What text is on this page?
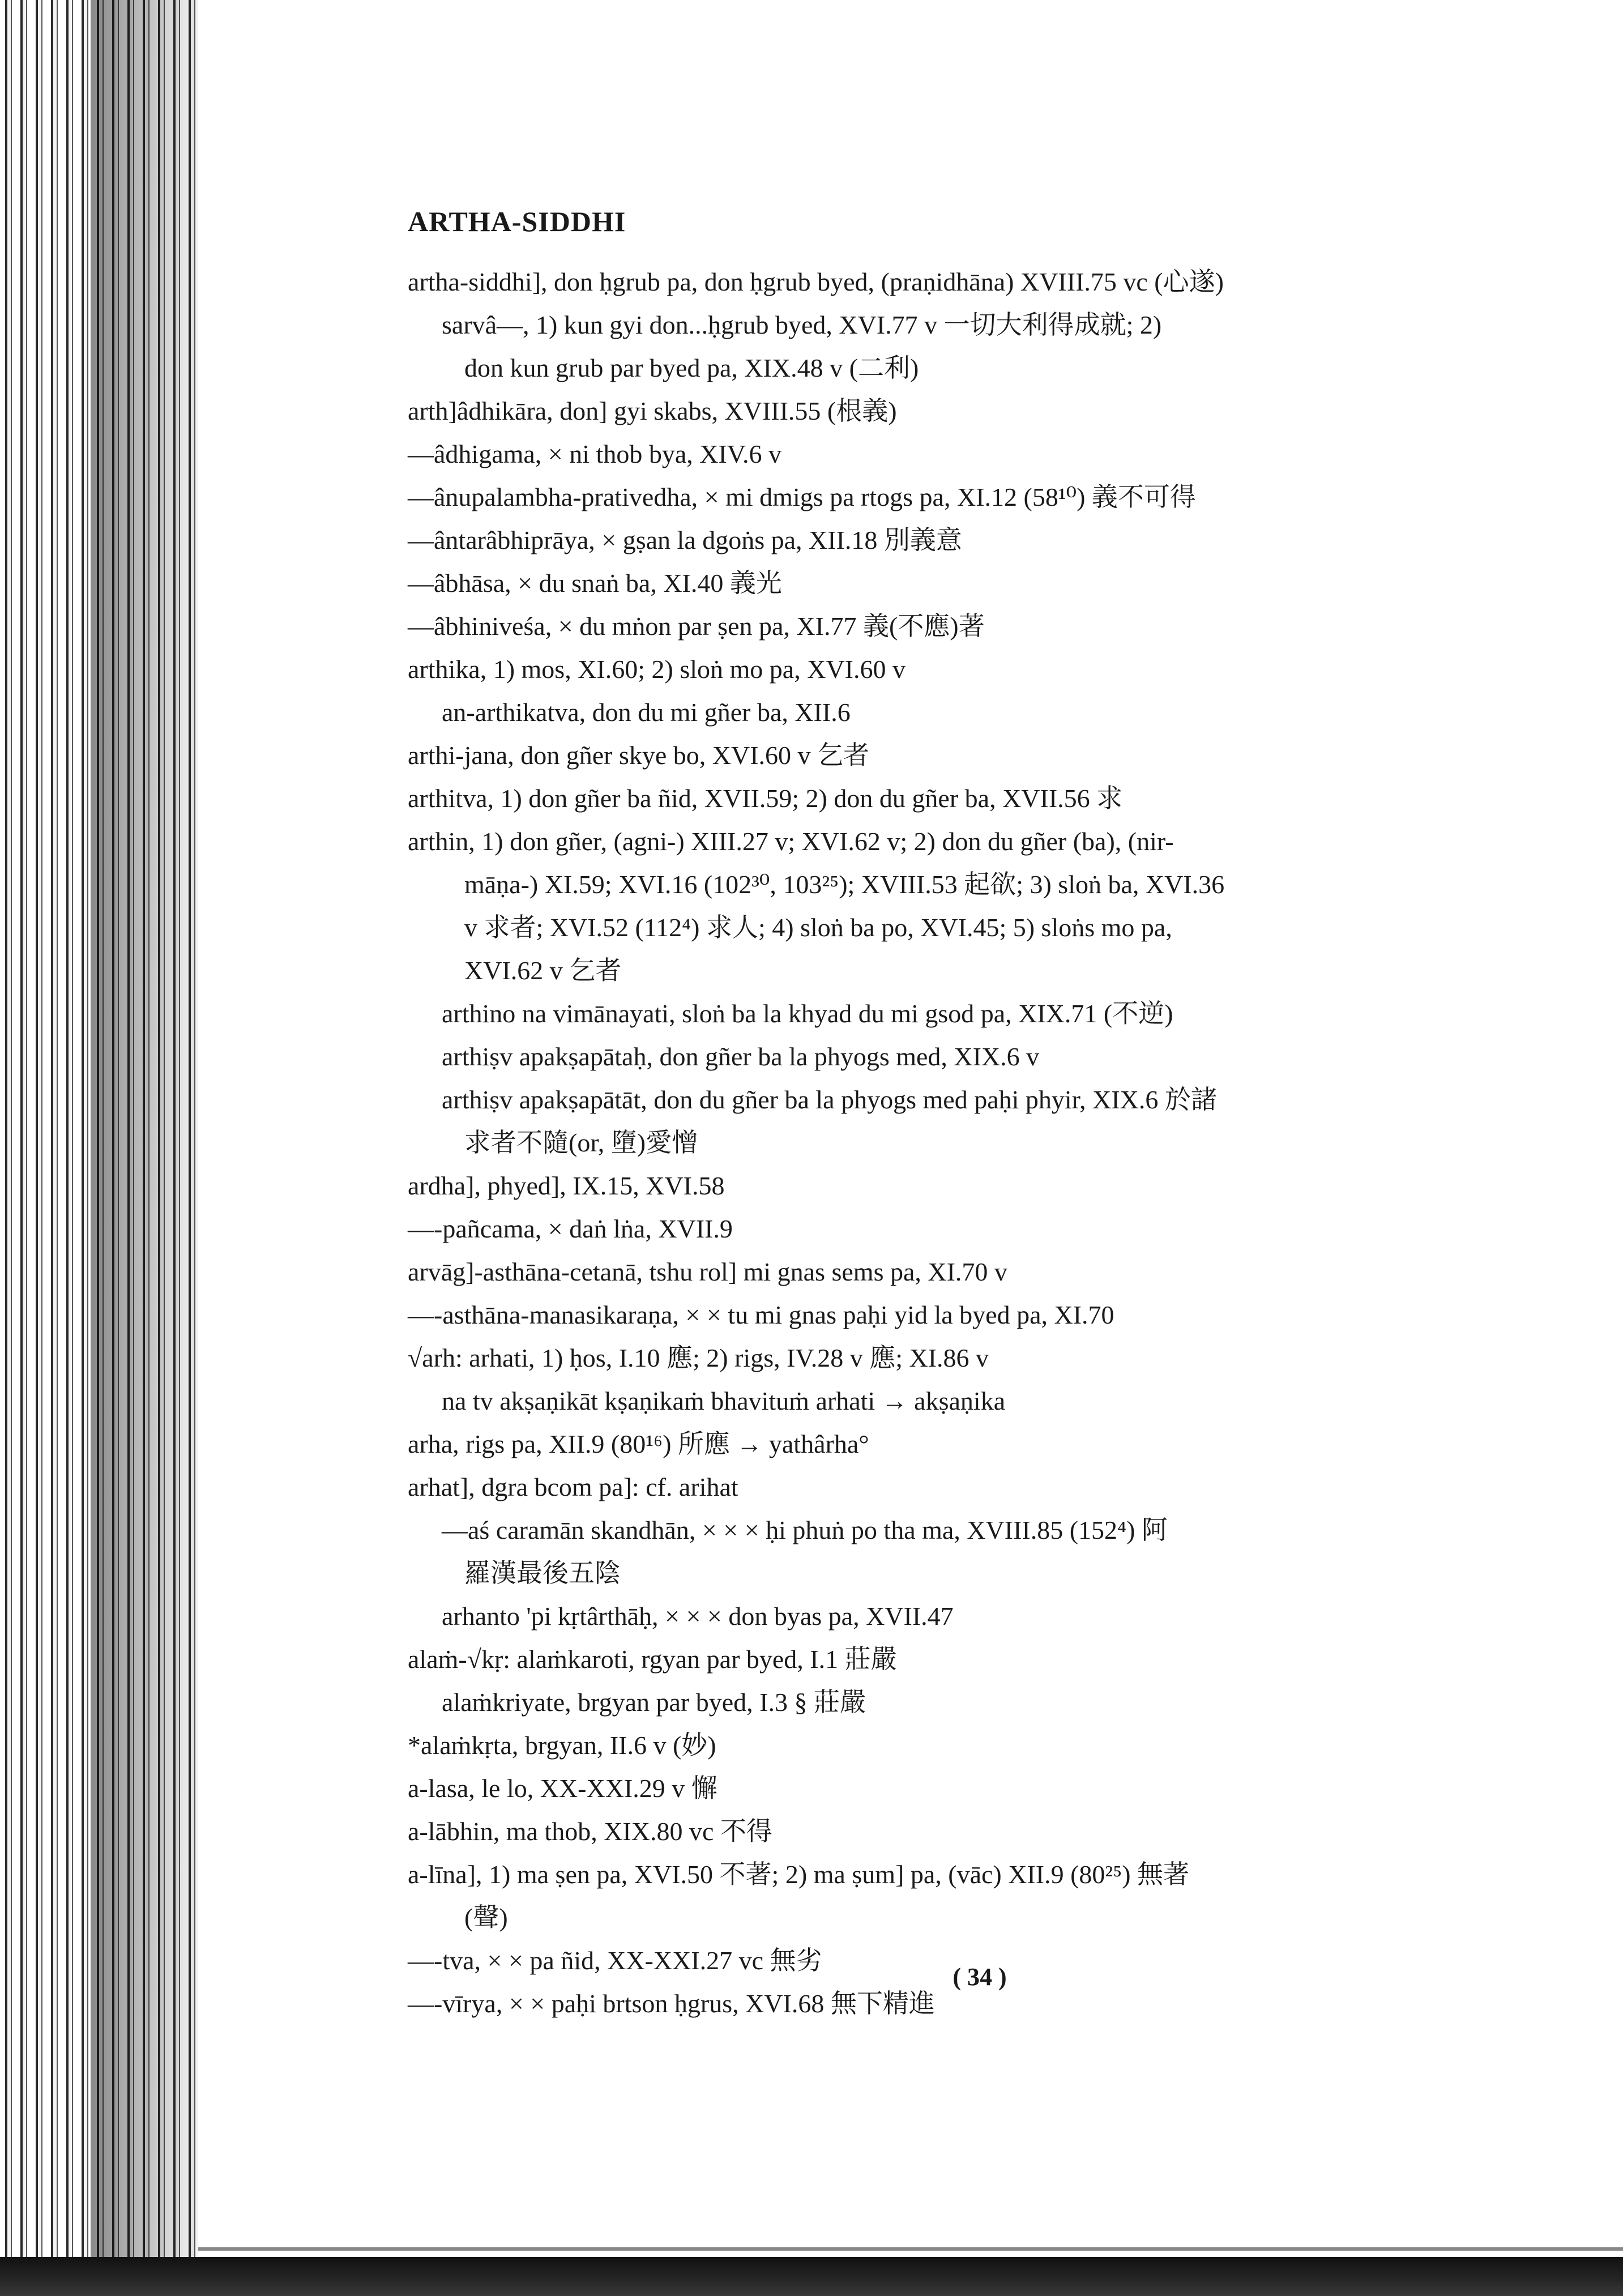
ARTHA-SIDDHI
artha-siddhi], don ḥgrub pa, don ḥgrub byed, (praṇidhāna) XVIII.75 vc (心遂)
sarvâ—, 1) kun gyi don...ḥgrub byed, XVI.77 v 一切大利得成就; 2)
don kun grub par byed pa, XIX.48 v (二利)
arth]âdhikāra, don] gyi skabs, XVIII.55 (根義)
—âdhigama, × ni thob bya, XIV.6 v
—ânupalambha-prativedha, × mi dmigs pa rtogs pa, XI.12 (58¹⁰) 義不可得
—ântarâbhiprāya, × gṣan la dgoṅs pa, XII.18 別義意
—âbhāsa, × du snaṅ ba, XI.40 義光
—âbhiniveśa, × du mṅon par ṣen pa, XI.77 義(不應)著
arthika, 1) mos, XI.60; 2) sloṅ mo pa, XVI.60 v
an-arthikatva, don du mi gñer ba, XII.6
arthi-jana, don gñer skye bo, XVI.60 v 乞者
arthitva, 1) don gñer ba ñid, XVII.59; 2) don du gñer ba, XVII.56 求
arthin, 1) don gñer, (agni-) XIII.27 v; XVI.62 v; 2) don du gñer (ba), (nir-
māṇa-) XI.59; XVI.16 (102³⁰, 103²⁵); XVIII.53 起欲; 3) sloṅ ba, XVI.36
v 求者; XVI.52 (112⁴) 求人; 4) sloṅ ba po, XVI.45; 5) sloṅs mo pa,
XVI.62 v 乞者
arthino na vimānayati, sloṅ ba la khyad du mi gsod pa, XIX.71 (不逆)
arthiṣv apakṣapātaḥ, don gñer ba la phyogs med, XIX.6 v
arthiṣv apakṣapātāt, don du gñer ba la phyogs med paḥi phyir, XIX.6 於諸
求者不隨(or, 墮)愛憎
ardha], phyed], IX.15, XVI.58
—-pañcama, × daṅ lṅa, XVII.9
arvāg]-asthāna-cetanā, tshu rol] mi gnas sems pa, XI.70 v
—-asthāna-manasikaraṇa, × × tu mi gnas paḥi yid la byed pa, XI.70
√arh: arhati, 1) ḥos, I.10 應; 2) rigs, IV.28 v 應; XI.86 v
na tv akṣaṇikāt kṣaṇikaṁ bhavituṁ arhati → akṣaṇika
arha, rigs pa, XII.9 (80¹⁶) 所應 → yathârha°
arhat], dgra bcom pa]: cf. arihat
—aś caramān skandhān, × × × ḥi phuṅ po tha ma, XVIII.85 (152⁴) 阿
羅漢最後五陰
arhanto 'pi kṛtârthāḥ, × × × don byas pa, XVII.47
alaṁ-√kṛ: alaṁkaroti, rgyan par byed, I.1 莊嚴
alaṁkriyate, brgyan par byed, I.3 § 莊嚴
*alaṁkṛta, brgyan, II.6 v (妙)
a-lasa, le lo, XX-XXI.29 v 懈
a-lābhin, ma thob, XIX.80 vc 不得
a-līna], 1) ma ṣen pa, XVI.50 不著; 2) ma ṣum] pa, (vāc) XII.9 (80²⁵) 無著
(聲)
—-tva, × × pa ñid, XX-XXI.27 vc 無劣
—-vīrya, × × paḥi brtson ḥgrus, XVI.68 無下精進
( 34 )
